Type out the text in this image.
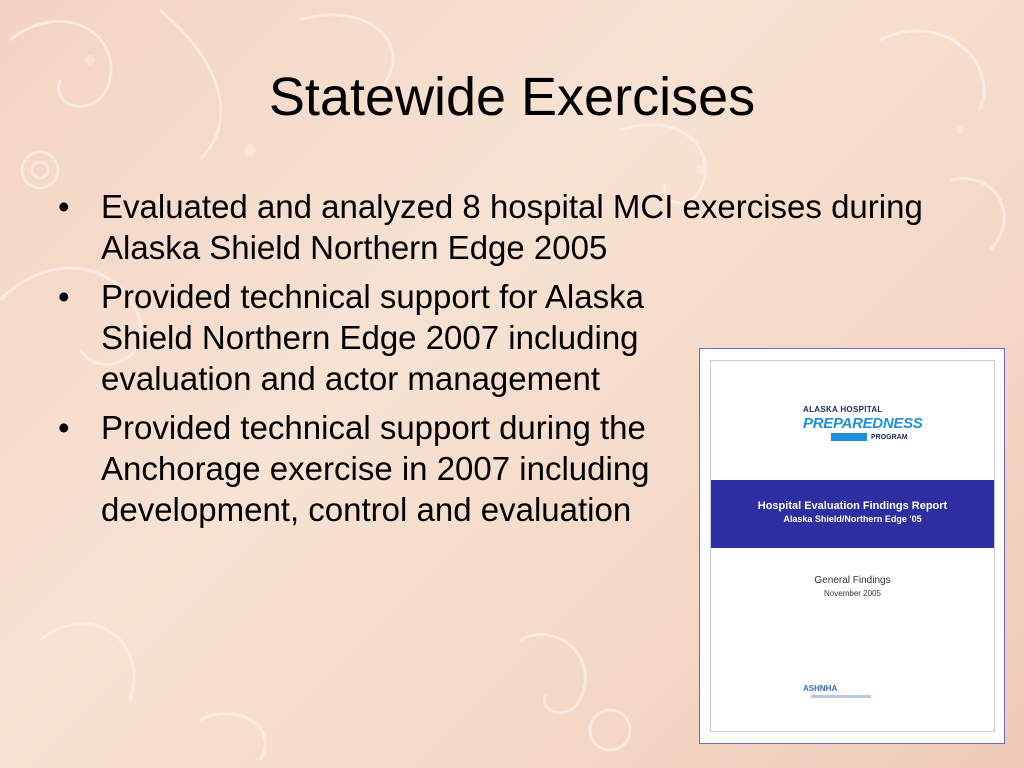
Statewide Exercises
• Evaluated and analyzed 8 hospital MCI exercises during Alaska Shield Northern Edge 2005
• Provided technical support for Alaska Shield Northern Edge 2007 including evaluation and actor management
• Provided technical support during the Anchorage exercise in 2007 including development, control and evaluation
ALASKA HOSPITAL
PREPAREDNESS
PROGRAM
Hospital Evaluation Findings Report
Alaska Shield/Northern Edge '05
General Findings
November 2005
ASHNHA
